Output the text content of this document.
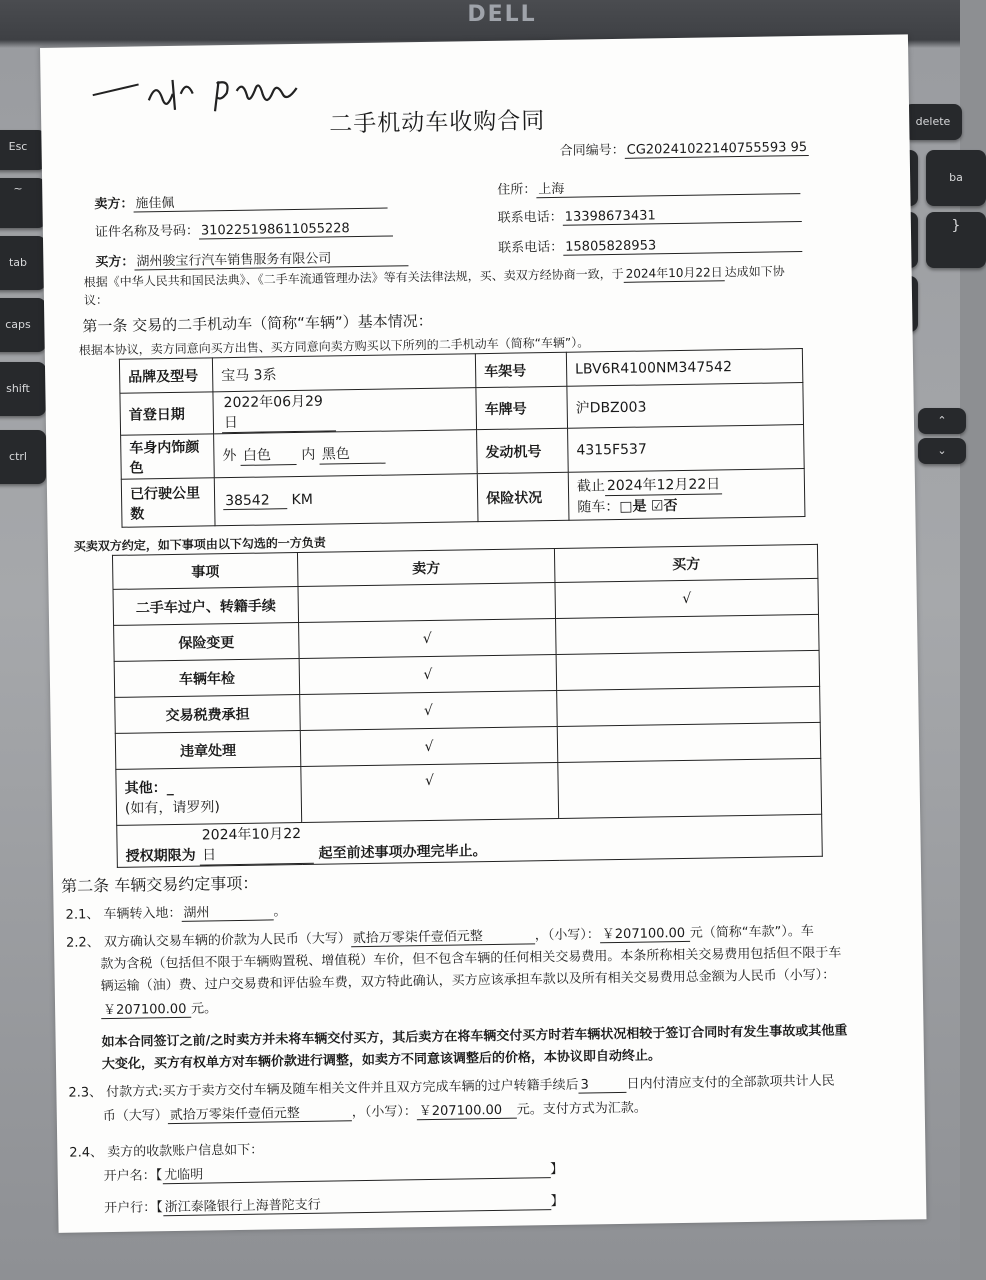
DELL
delete
Esc
~
tab
caps
shift
ctrl
ba
}
⌃
⌄
二手机动车收购合同
合同编号： CG20241022140755593 95
卖方： 施佳佩
住所： 上海
证件名称及号码： 310225198611055228
联系电话： 13398673431
买方： 湖州骏宝行汽车销售服务有限公司
联系电话： 15805828953
根据《中华人民共和国民法典》、《二手车流通管理办法》等有关法律法规，买、卖双方经协商一致，于 2024年10月22日 达成如下协
议：
第一条 交易的二手机动车（简称“车辆”）基本情况：
根据本协议，卖方同意向买方出售、买方同意向卖方购买以下所列的二手机动车（简称“车辆”）。
品牌及型号	宝马 3系	车架号	LBV6R4100NM347542
首登日期	2022年06月29日	车牌号	沪DBZ003
车身内饰颜
色	外 白色 内 黑色	发动机号	4315F537
已行驶公里
数	38542 KM	保险状况	截止 2024年12月22日
随车：□是 ☑否
买卖双方约定，如下事项由以下勾选的一方负责
事项	卖方	买方
二手车过户、转籍手续		√
保险变更	√	
车辆年检	√	
交易税费承担	√	
违章处理	√	
其他：_
(如有，请罗列)	√	
授权期限为 2024年10月22日 起至前述事项办理完毕止。		
第二条 车辆交易约定事项：
2.1、 车辆转入地： 湖州	。
2.2、 双方确认交易车辆的价款为人民币（大写） 贰拾万零柒仟壹佰元整	，（小写）： ￥207100.00 元（简称“车款”）。车
款为含税（包括但不限于车辆购置税、增值税）车价，但不包含车辆的任何相关交易费用。本条所称相关交易费用包括但不限于车
辆运输（油）费、过户交易费和评估验车费，双方特此确认，买方应该承担车款以及所有相关交易费用总金额为人民币（小写）：
￥207100.00 元。
如本合同签订之前/之时卖方并未将车辆交付买方，其后卖方在将车辆交付买方时若车辆状况相较于签订合同时有发生事故或其他重
大变化，买方有权单方对车辆价款进行调整，如卖方不同意该调整后的价格，本协议即自动终止。
2.3、 付款方式:买方于卖方交付车辆及随车相关文件并且双方完成车辆的过户转籍手续后 3	日内付清应支付的全部款项共计人民
币（大写） 贰拾万零柒仟壹佰元整	，（小写）： ￥207100.00 元。支付方式为汇款。
2.4、 卖方的收款账户信息如下：
开户名：【 尤临明	】
开户行：【 浙江泰隆银行上海普陀支行	】
